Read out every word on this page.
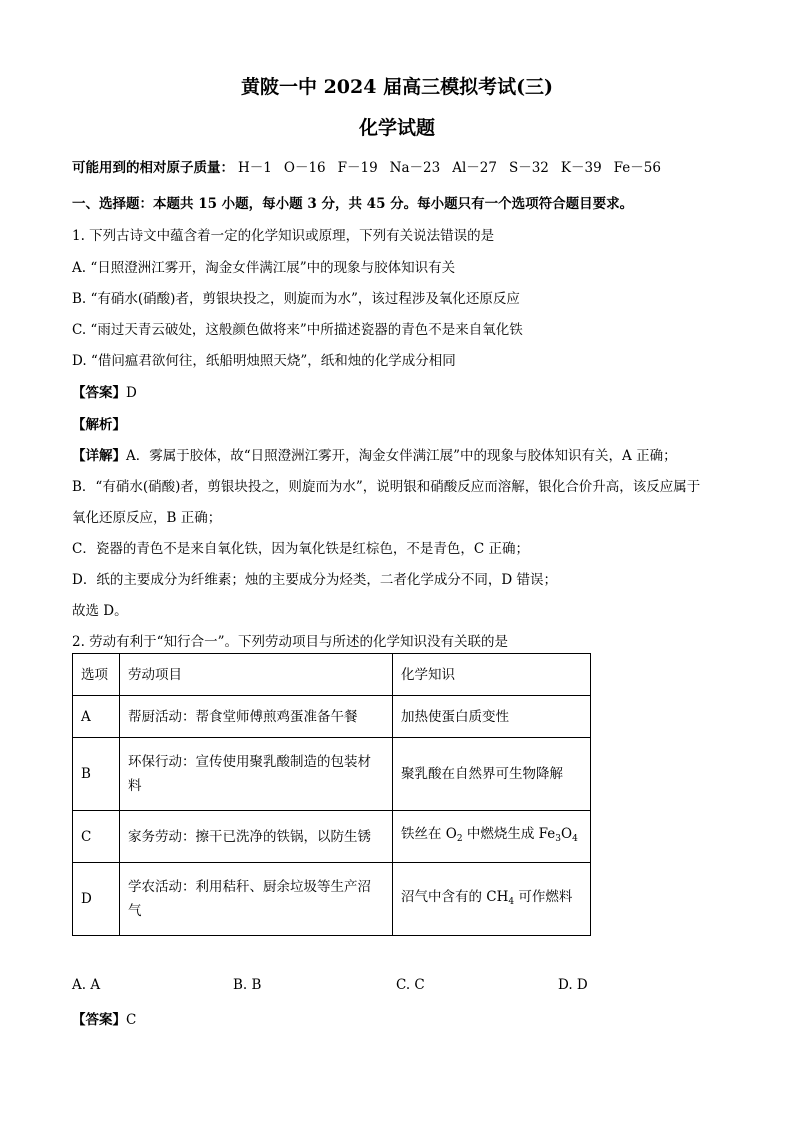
黄陂一中 2024 届高三模拟考试(三)
化学试题
可能用到的相对原子质量： H－1 O－16 F－19 Na－23 Al－27 S－32 K－39 Fe－56
一、选择题：本题共 15 小题，每小题 3 分，共 45 分。每小题只有一个选项符合题目要求。
1. 下列古诗文中蕴含着一定的化学知识或原理，下列有关说法错误的是
A. “日照澄洲江雾开，淘金女伴满江展”中的现象与胶体知识有关
B. “有硝水(硝酸)者，剪银块投之，则旋而为水”，该过程涉及氧化还原反应
C. “雨过天青云破处，这般颜色做将来”中所描述瓷器的青色不是来自氧化铁
D. “借问瘟君欲何往，纸船明烛照天烧”，纸和烛的化学成分相同
【答案】D
【解析】
【详解】A．雾属于胶体，故“日照澄洲江雾开，淘金女伴满江展”中的现象与胶体知识有关，A 正确；
B．“有硝水(硝酸)者，剪银块投之，则旋而为水”，说明银和硝酸反应而溶解，银化合价升高，该反应属于
氧化还原反应，B 正确；
C．瓷器的青色不是来自氧化铁，因为氧化铁是红棕色，不是青色，C 正确；
D．纸的主要成分为纤维素；烛的主要成分为烃类，二者化学成分不同，D 错误；
故选 D。
2. 劳动有利于“知行合一”。下列劳动项目与所述的化学知识没有关联的是
选项	劳动项目	化学知识
A	帮厨活动：帮食堂师傅煎鸡蛋准备午餐	加热使蛋白质变性
B	环保行动：宣传使用聚乳酸制造的包装材
料	聚乳酸在自然界可生物降解
C	家务劳动：擦干已洗净的铁锅，以防生锈	铁丝在 $O_2$ 中燃烧生成 $Fe_3O_4$
D	学农活动：利用秸秆、厨余垃圾等生产沼
气	沼气中含有的 $CH_4$ 可作燃料
A. A	B. B	C. C	D. D
【答案】C
